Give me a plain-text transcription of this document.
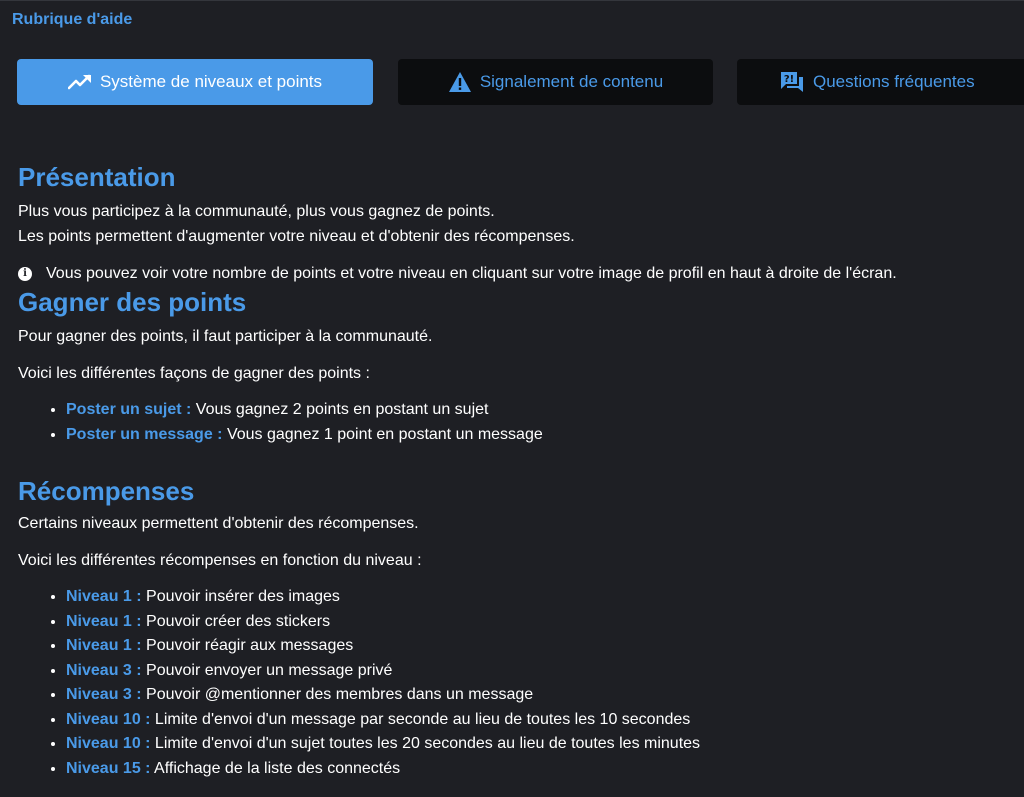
Rubrique d'aide
Système de niveaux et points	Signalement de contenu	?! Questions fréquentes
Présentation

Plus vous participez à la communauté, plus vous gagnez de points.

Les points permettent d'augmenter votre niveau et d'obtenir des récompenses.

i	Vous pouvez voir votre nombre de points et votre niveau en cliquant sur votre image de profil en haut à droite de l'écran.
Gagner des points

Pour gagner des points, il faut participer à la communauté.

Voici les différentes façons de gagner des points :

• Poster un sujet : Vous gagnez 2 points en postant un sujet
• Poster un message : Vous gagnez 1 point en postant un message
Récompenses

Certains niveaux permettent d'obtenir des récompenses.

Voici les différentes récompenses en fonction du niveau :

• Niveau 1 : Pouvoir insérer des images
• Niveau 1 : Pouvoir créer des stickers
• Niveau 1 : Pouvoir réagir aux messages
• Niveau 3 : Pouvoir envoyer un message privé
• Niveau 3 : Pouvoir @mentionner des membres dans un message
• Niveau 10 : Limite d'envoi d'un message par seconde au lieu de toutes les 10 secondes
• Niveau 10 : Limite d'envoi d'un sujet toutes les 20 secondes au lieu de toutes les minutes
• Niveau 15 : Affichage de la liste des connectés
